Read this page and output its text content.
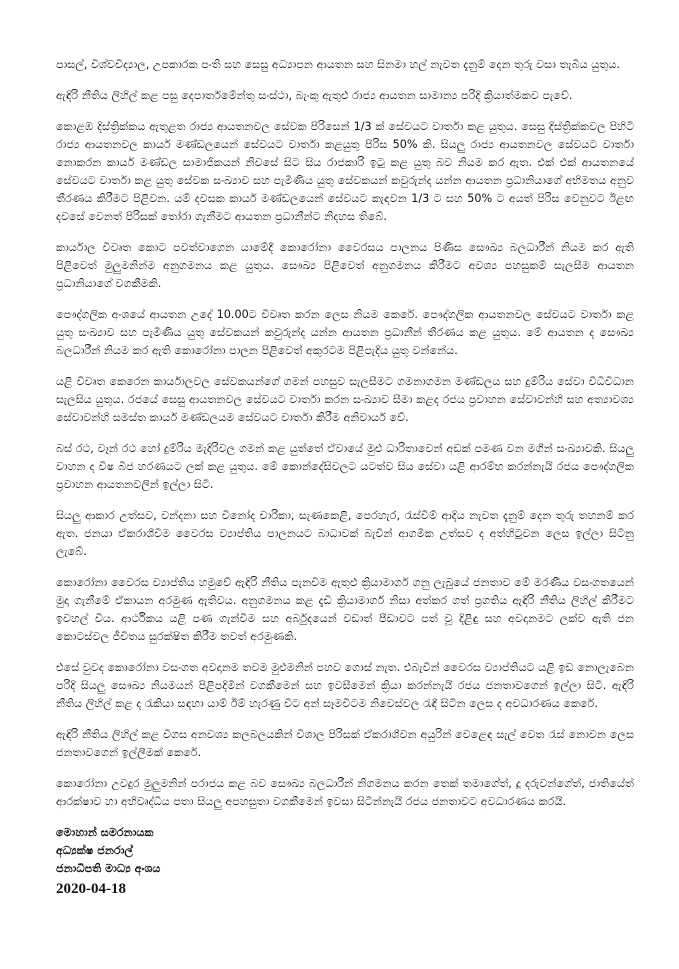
පාසල්, විශ්වවිද්‍යාල, උපකාරක පංති සහ සෙසු අධ්‍යාපන ආයතන සහ සිනමා හල් නැවත දැනුම් දෙන තුරු වසා තැබිය යුතුය.

ඇඳිරි නීතිය ලිහිල් කළ පසු දෙපාර්තමේන්තු සංස්ථා, බැංකු ඇතුළු රාජ්‍ය ආයතන සාමාන්‍ය පරිදි ක්‍රියාත්මකව පැවේ.

කොළඹ දිස්ත්‍රික්කය ඇතුළත රාජ්‍ය ආයතනවල සේවක පිරිසෙන් 1/3 ක් සේවයට වාර්තා කළ යුතුය. සෙසු දිස්ත්‍රික්කවල පිහිටි රාජ්‍ය ආයතනවල කාර්ය මණ්ඩලයෙන් සේවයට වාර්තා කළයුතු පිරිස 50% කි. සියලු රාජ්‍ය ආයතනවල සේවයට වාර්තා නොකරන කාර්ය මණ්ඩල සාමාජිකයන් නිවසේ සිට සිය රාජකාරි ඉටු කළ යුතු බව නියම කර ඇත. එක් එක් ආයතනයේ සේවයට වාර්තා කළ යුතු සේවක සංඛ්‍යාව සහ පැමිණිය යුතු සේවකයන් කවුරුන්ද යන්න ආයතන ප්‍රධානියාගේ අභිමතය අනුව තීරණය කිරීමට පිළිවන. යම් දවසක කාර්ය මණ්ඩලයෙන් සේවයට කැඳවන 1/3 ට සහ 50% ට අයත් පිරිස වෙනුවට ඊළඟ දවසේ වෙනත් පිරිසක් තෝරා ගැනීමට ආයතන ප්‍රධානීන්ට නිදහස තිබේ.

කාර්යාල විවෘත කොට පවත්වාගෙන යාමේදී කොරෝනා වෛරසය පාලනය පිණිස සෞඛ්‍ය බලධාරීන් නියම කර ඇති පිළිවෙත් මුලුමනින්ම අනුගමනය කළ යුතුය. සෞඛ්‍ය පිළිවෙත් අනුගමනය කිරීමට අවශ්‍ය පහසුකම් සැලසීම ආයතන ප්‍රධානියාගේ වගකීමකි.

පෞද්ගලික අංශයේ ආයතන උදේ 10.00ට විවෘත කරන ලෙස නියම කෙරේ. පෞද්ගලික ආයතනවල සේවයට වාර්තා කළ යුතු සංඛ්‍යාව සහ පැමිණිය යුතු සේවකයන් කවුරුන්ද යන්න ආයතන ප්‍රධානීන් තීරණය කළ යුතුය. මේ ආයතන ද සෞඛ්‍ය බලධාරීන් නියම කර ඇති කොරෝනා පාලන පිළිවෙත් අකුරටම පිළිපැදිය යුතු වන්නේය.

යළි විවෘත කෙරෙන කාර්යාලවල සේවකයන්ගේ ගමන් පහසුව සැලසීමට ගමනාගමන මණ්ඩලය සහ දුම්රිය සේවා විධිවිධාන සැලසිය යුතුය. රජයේ සෙසු ආයතනවල සේවයට වාර්තා කරන සංඛ්‍යාව සීමා කළද රජය ප්‍රවාහන සේවාවන්හි සහ අත්‍යාවශ්‍ය සේවාවන්හි සමස්ත කාර්ය මණ්ඩලයම සේවයට වාර්තා කිරීම අනිවාර්ය වේ.

බස් රථ, වෑන් රථ හෝ දුම්රිය මැදිරිවල ගමන් කළ යුත්තේ ඒවායේ මුළු ධාරිතාවෙන් අඩක් පමණ වන මගීන් සංඛ්‍යාවකි. සියලු වාහන ද විෂ බීජ හරණයට ලක් කළ යුතුය. මේ කොන්දේසිවලට යටත්ව සිය සේවා යළි ආරම්භ කරන්නැයි රජය පෞද්ගලික ප්‍රවාහන ආයතනවලින් ඉල්ලා සිටී.

සියලු ආකාර උත්සව, වන්දනා සහ විනෝද චාරිකා, සැණකෙළි, පෙරහැර, රැස්වීම් ආදිය නැවත දැනුම් දෙන තුරු තහනම් කර ඇත. ජනයා ඒකරාශීවීම වෛරස ව්‍යාප්තිය පාලනයට බාධාවක් බැවින් ආගමික උත්සව ද අත්හිටුවන ලෙස ඉල්ලා සිටිනු ලැබේ.

කොරෝනා වෛරස ව්‍යාප්තිය හමුවේ ඇඳිරි නීතිය පැනවීම ඇතුළු ක්‍රියාමාර්ග ගනු ලැබුයේ ජනතාව මේ මරණීය වසංගතයෙන් මුදා ගැනීමේ ඒකායන අරමුණ ඇතිවය. අනුගමනය කළ දැඩි ක්‍රියාමාර්ග නිසා අත්කර ගත් ප්‍රගතිය ඇඳිරි නීතිය ලිහිල් කිරීමට ඉවහල් විය. ආර්ථිකය යළි පණ ගැන්වීම සහ අර්බුදයෙන් වඩාත් පීඩාවට පත් වූ දිළිඳු සහ අවදානමට ලක්ව ඇති ජන කොටස්වල ජීවිතය සුරක්ෂිත කිරීම තවත් අරමුණකි.

එසේ වුවද කොරෝනා වසංගත අවදානම තවම මුළුමනින් පහව ගොස් නැත. එබැවින් වෛරස ව්‍යාප්තියට යළි ඉඩ නොලැබෙන පරිදි සියලු සෞඛ්‍ය නියමයන් පිළිපදිමින් වගකීමෙන් සහ ඉවසීමෙන් ක්‍රියා කරන්නැයි රජය ජනතාවගෙන් ඉල්ලා සිටී. ඇඳිරි නීතිය ලිහිල් කළ ද රැකියා සඳහා යාම් ඊම් හැරණු විට අන් සෑමවිටම නිවෙස්වල රැඳී සිටින ලෙස ද අවධාරණය කෙරේ.

ඇඳිරි නීතිය ලිහිල් කළ විගස අනවශ්‍ය කලබලයකින් විශාල පිරිසක් ඒකරාශීවන අයුරින් වෙළෙඳ සැල් වෙත රැස් නොවන ලෙස ජනතාවගෙන් ඉල්ලීමක් කෙරේ.

කොරෝනා උවදුර මුලුමනින් පරාජය කළ බව සෞඛ්‍ය බලධාරීන් නිගමනය කරන තෙක් තමාගේත්, දූ දරුවන්ගේත්, ජාතියේත් ආරක්ෂාව හා අභිවෘද්ධිය පතා සියලු අපහසුතා වගකීමෙන් ඉවසා සිටින්නැයි රජය ජනතාවට අවධාරණය කරයි.

මොහාන් සමරනායක
අධ්‍යක්ෂ ජනරාල්
ජනාධිපති මාධ්‍ය අංශය
2020-04-18
